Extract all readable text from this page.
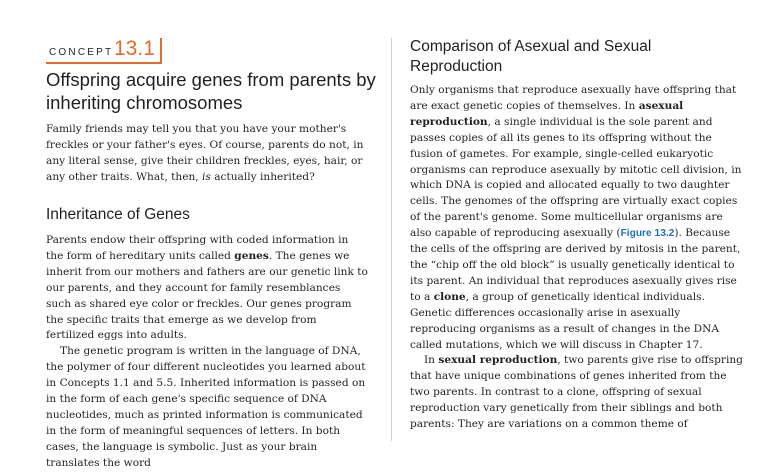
CONCEPT 13.1
Offspring acquire genes from parents by inheriting chromosomes

Family friends may tell you that you have your mother's freckles or your father's eyes. Of course, parents do not, in any literal sense, give their children freckles, eyes, hair, or any other traits. What, then, is actually inherited?

Inheritance of Genes

Parents endow their offspring with coded information in the form of hereditary units called genes. The genes we inherit from our mothers and fathers are our genetic link to our parents, and they account for family resemblances such as shared eye color or freckles. Our genes program the specific traits that emerge as we develop from fertilized eggs into adults.

The genetic program is written in the language of DNA, the polymer of four different nucleotides you learned about in Concepts 1.1 and 5.5. Inherited information is passed on in the form of each gene's specific sequence of DNA nucleotides, much as printed information is communicated in the form of meaningful sequences of letters. In both cases, the language is symbolic. Just as your brain translates the word

Comparison of Asexual and Sexual Reproduction

Only organisms that reproduce asexually have offspring that are exact genetic copies of themselves. In asexual reproduction, a single individual is the sole parent and passes copies of all its genes to its offspring without the fusion of gametes. For example, single-celled eukaryotic organisms can reproduce asexually by mitotic cell division, in which DNA is copied and allocated equally to two daughter cells. The genomes of the offspring are virtually exact copies of the parent's genome. Some multicellular organisms are also capable of reproducing asexually (Figure 13.2). Because the cells of the offspring are derived by mitosis in the parent, the “chip off the old block” is usually genetically identical to its parent. An individual that reproduces asexually gives rise to a clone, a group of genetically identical individuals. Genetic differences occasionally arise in asexually reproducing organisms as a result of changes in the DNA called mutations, which we will discuss in Chapter 17.

In sexual reproduction, two parents give rise to offspring that have unique combinations of genes inherited from the two parents. In contrast to a clone, offspring of sexual reproduction vary genetically from their siblings and both parents: They are variations on a common theme of
